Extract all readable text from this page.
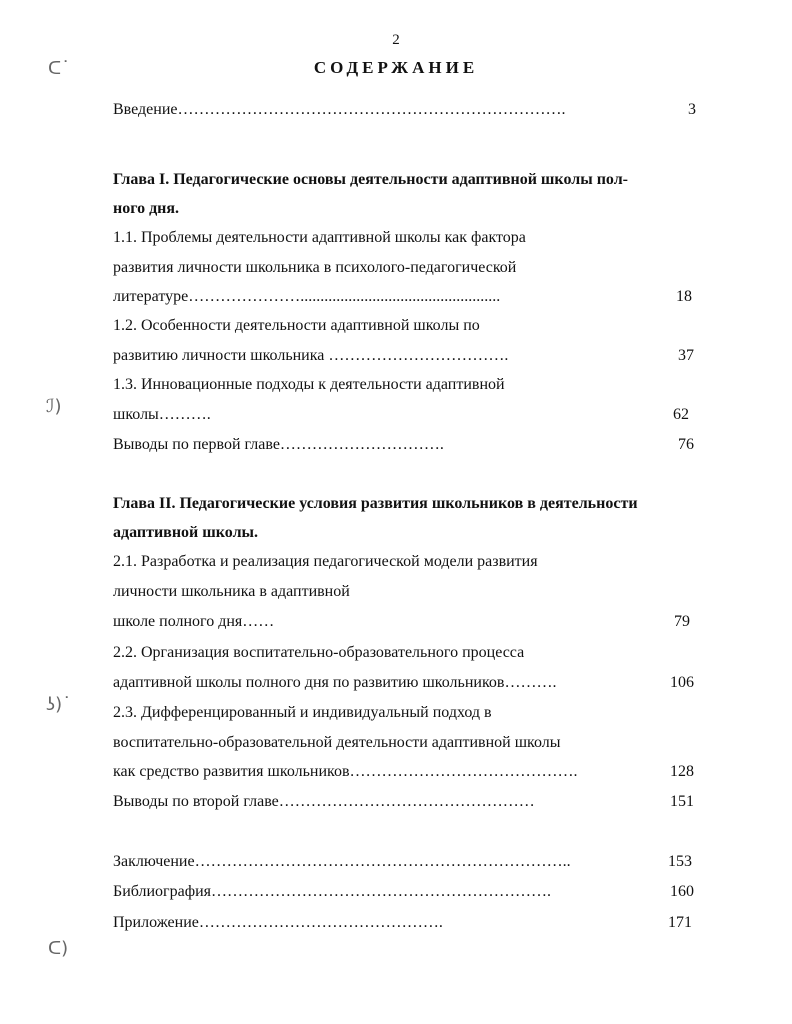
2
СОДЕРЖАНИЕ
ᑕ˙
ℐ)
ʖ)˙
ᑕ)
Введение……………………………………………………………….	3
Глава I. Педагогические основы деятельности адаптивной школы пол-
ного дня.
1.1. Проблемы деятельности адаптивной школы как фактора
развития личности школьника в психолого-педагогической
литературе…………………..................................................	18
1.2. Особенности деятельности адаптивной школы по
развитию личности школьника …………………………….	37
1.3. Инновационные подходы к деятельности адаптивной
школы……….	62
Выводы по первой главе………………………….	76
Глава II. Педагогические условия развития школьников в деятельности
адаптивной школы.
2.1. Разработка и реализация педагогической модели развития
личности школьника в адаптивной
школе полного дня……	79
2.2. Организация воспитательно-образовательного процесса
адаптивной школы полного дня по развитию школьников……….	106
2.3. Дифференцированный и индивидуальный подход в
воспитательно-образовательной деятельности адаптивной школы
как средство развития школьников…………………………………….	128
Выводы по второй главе…………………………………………	151
Заключение……………………………………………………………..	153
Библиография……………………………………………………….	160
Приложение……………………………………….	171
